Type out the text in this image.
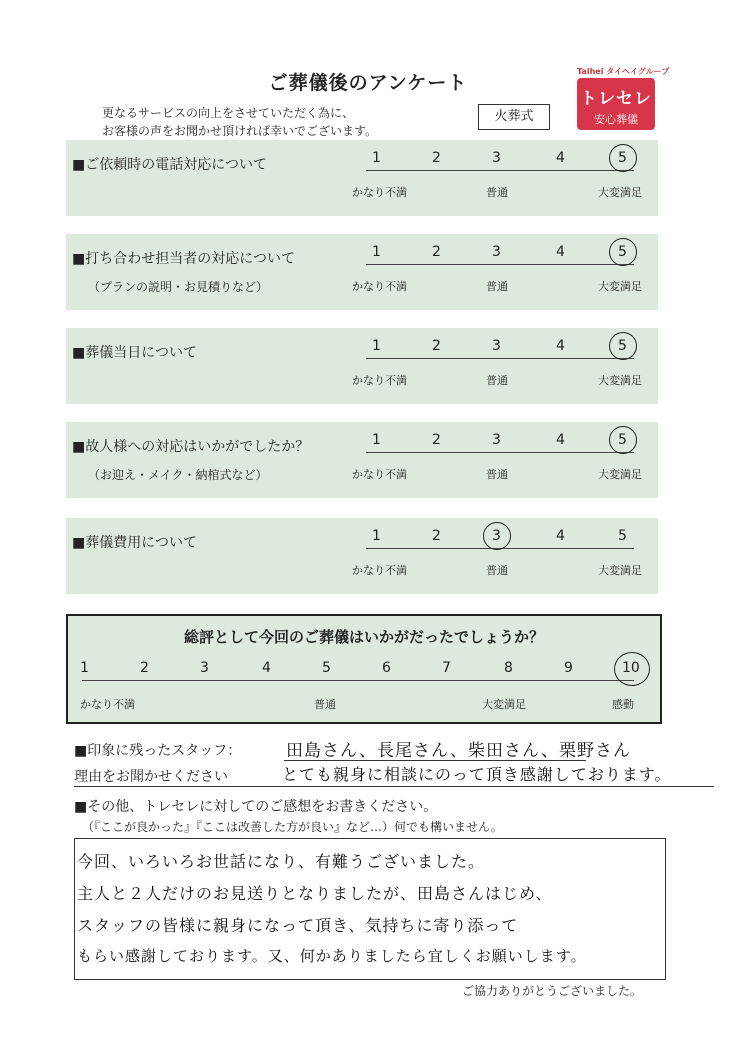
ご葬儀後のアンケート
更なるサービスの向上をさせていただく為に、
お客様の声をお聞かせ頂ければ幸いでございます。
火葬式
Taihei タイヘイグループ
トレセレ
安心葬儀
■ご依頼時の電話対応について	1	2	3	4	5
かなり不満	普通	大変満足
■打ち合わせ担当者の対応について
（プランの説明・お見積りなど）
1	2	3	4	5
かなり不満	普通	大変満足
■葬儀当日について	1	2	3	4	5
かなり不満	普通	大変満足
■故人様への対応はいかがでしたか？
（お迎え・メイク・納棺式など）
1	2	3	4	5
かなり不満	普通	大変満足
■葬儀費用について	1	2	3	4	5
かなり不満	普通	大変満足
総評として今回のご葬儀はいかがだったでしょうか？
かなり不満	普通	大変満足	感動
1	2	3	4	5	6	7	8	9	10
■印象に残ったスタッフ：	田島さん、長尾さん、柴田さん、栗野さん
理由をお聞かせください	とても親身に相談にのって頂き感謝しております。
■その他、トレセレに対してのご感想をお書きください。
（『ここが良かった』『ここは改善した方が良い』など…）何でも構いません。
今回、いろいろお世話になり、有難うございました。
主人と２人だけのお見送りとなりましたが、田島さんはじめ、
スタッフの皆様に親身になって頂き、気持ちに寄り添って
もらい感謝しております。又、何かありましたら宜しくお願いします。
ご協力ありがとうございました。
